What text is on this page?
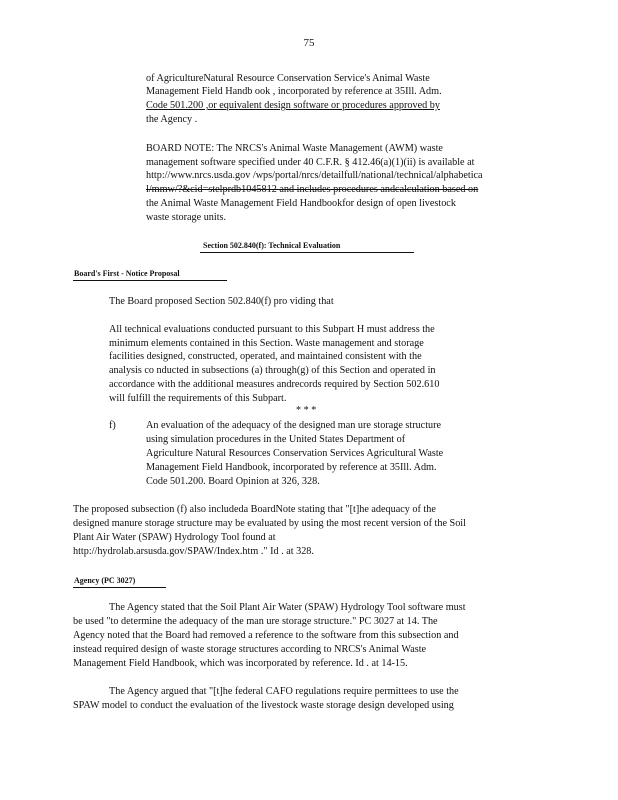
75
of AgricultureNatural Resource Conservation Service's Animal Waste
Management Field Handb ook , incorporated by reference at 35Ill. Adm.
Code 501.200 ,or equivalent design software or procedures approved by
the Agency .
BOARD NOTE: The NRCS's Animal Waste Management (AWM) waste
management software specified under 40 C.F.R. § 412.46(a)(1)(ii) is available at
http://www.nrcs.usda.gov /wps/portal/nrcs/detailfull/national/technical/alphabetica
l/mmw/?&cid=stelprdb1045812 and includes procedures andcalculation based on
the Animal Waste Management Field Handbookfor design of open livestock
waste storage units.
Section 502.840(f): Technical Evaluation
Board's First - Notice Proposal
The Board proposed Section 502.840(f) pro viding that
All technical evaluations conducted pursuant to this Subpart H must address the
minimum elements contained in this Section. Waste management and storage
facilities designed, constructed, operated, and maintained consistent with the
analysis co nducted in subsections (a) through(g) of this Section and operated in
accordance with the additional measures andrecords required by Section 502.610
will fulfill the requirements of this Subpart.
* * *
f)	An evaluation of the adequacy of the designed man ure storage structure
using simulation procedures in the United States Department of
Agriculture Natural Resources Conservation Services Agricultural Waste
Management Field Handbook, incorporated by reference at 35Ill. Adm.
Code 501.200. Board Opinion at 326, 328.
The proposed subsection (f) also includeda BoardNote stating that "[t]he adequacy of the
designed manure storage structure may be evaluated by using the most recent version of the Soil
Plant Air Water (SPAW) Hydrology Tool found at
http://hydrolab.arsusda.gov/SPAW/Index.htm ." Id . at 328.
Agency (PC 3027)
The Agency stated that the Soil Plant Air Water (SPAW) Hydrology Tool software must
be used "to determine the adequacy of the man ure storage structure." PC 3027 at 14. The
Agency noted that the Board had removed a reference to the software from this subsection and
instead required design of waste storage structures according to NRCS's Animal Waste
Management Field Handbook, which was incorporated by reference. Id . at 14-15.
The Agency argued that "[t]he federal CAFO regulations require permittees to use the
SPAW model to conduct the evaluation of the livestock waste storage design developed using
